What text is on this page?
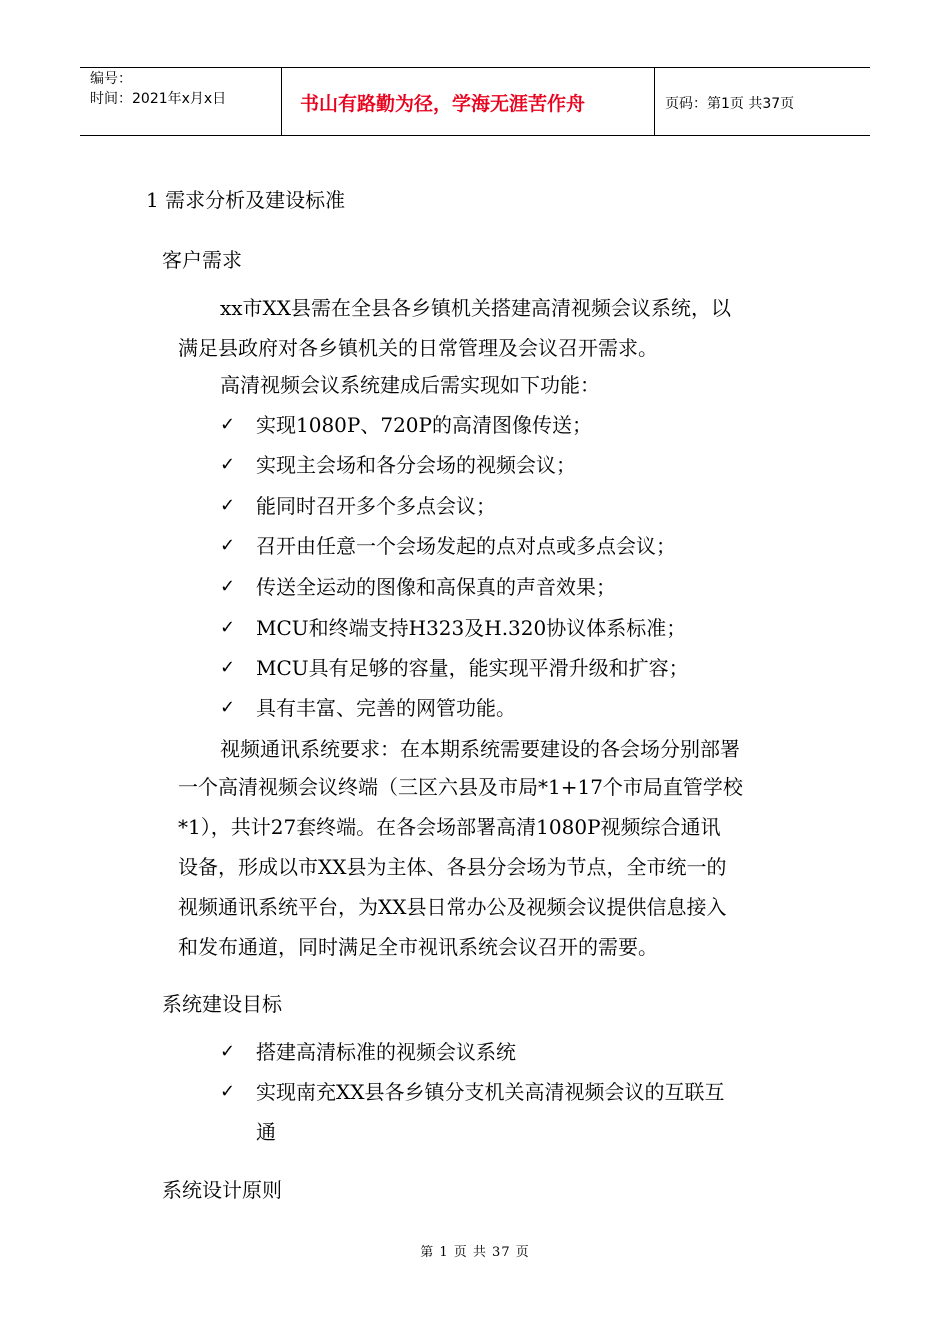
编号：
时间：2021年x月x日	书山有路勤为径，学海无涯苦作舟	页码：第1页 共37页
1 需求分析及建设标准
客户需求
xx市XX县需在全县各乡镇机关搭建高清视频会议系统，以
满足县政府对各乡镇机关的日常管理及会议召开需求。
高清视频会议系统建成后需实现如下功能：
✓ 实现1080P、720P的高清图像传送；
✓ 实现主会场和各分会场的视频会议；
✓ 能同时召开多个多点会议；
✓ 召开由任意一个会场发起的点对点或多点会议；
✓ 传送全运动的图像和高保真的声音效果；
✓ MCU和终端支持H323及H.320协议体系标准；
✓ MCU具有足够的容量，能实现平滑升级和扩容；
✓ 具有丰富、完善的网管功能。
视频通讯系统要求：在本期系统需要建设的各会场分别部署
一个高清视频会议终端（三区六县及市局*1+17个市局直管学校
*1），共计27套终端。在各会场部署高清1080P视频综合通讯
设备，形成以市XX县为主体、各县分会场为节点，全市统一的
视频通讯系统平台，为XX县日常办公及视频会议提供信息接入
和发布通道，同时满足全市视讯系统会议召开的需要。
系统建设目标
✓ 搭建高清标准的视频会议系统
✓ 实现南充XX县各乡镇分支机关高清视频会议的互联互
通
系统设计原则
第 1 页 共 37 页
